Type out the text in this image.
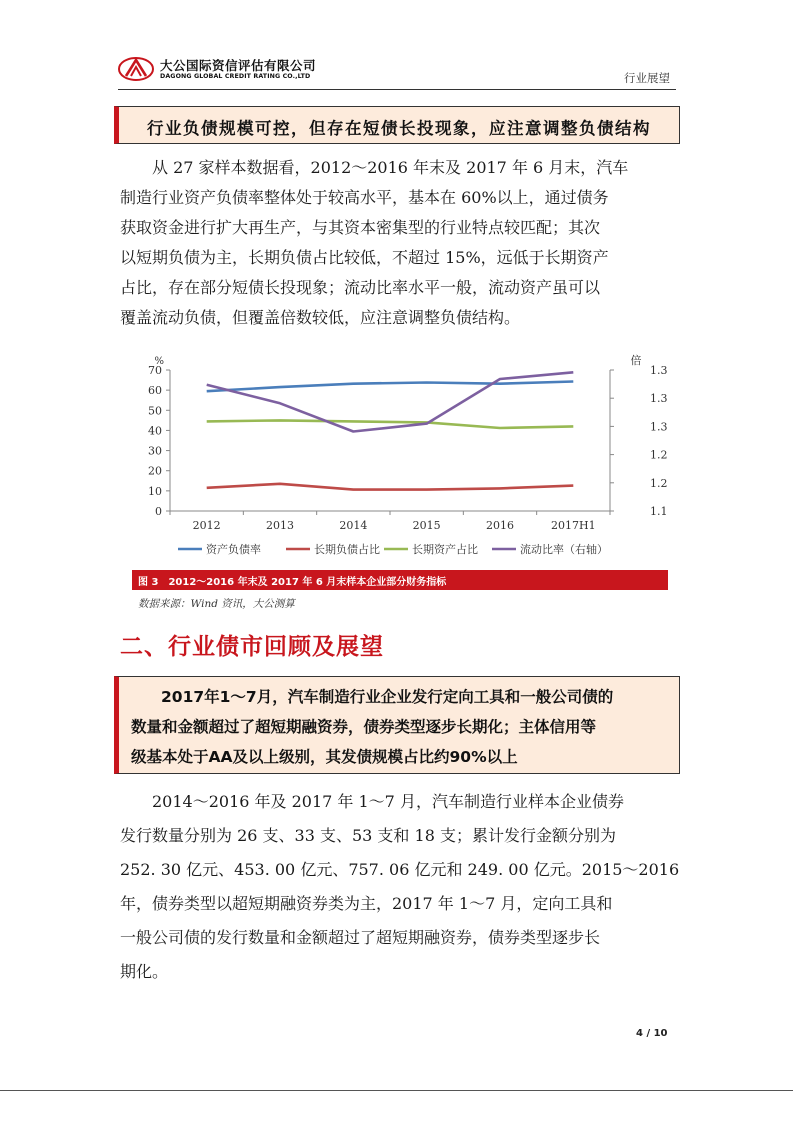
大公国际资信评估有限公司
DAGONG GLOBAL CREDIT RATING CO.,LTD	行业展望
行业负债规模可控，但存在短债长投现象，应注意调整负债结构
从 27 家样本数据看，2012～2016 年末及 2017 年 6 月末，汽车
制造行业资产负债率整体处于较高水平，基本在 60%以上，通过债务
获取资金进行扩大再生产，与其资本密集型的行业特点较匹配；其次
以短期负债为主，长期负债占比较低，不超过 15%，远低于长期资产
占比，存在部分短债长投现象；流动比率水平一般，流动资产虽可以
覆盖流动负债，但覆盖倍数较低，应注意调整负债结构。
0
10
20
30
40
50
60
70
%
1.1
1.2
1.2
1.3
1.3
1.3
倍
2012	2013	2014	2015	2016	2017H1
资产负债率	长期负债占比	长期资产占比	流动比率（右轴）
图 3　2012～2016 年末及 2017 年 6 月末样本企业部分财务指标
数据来源：Wind 资讯，大公测算
二、行业债市回顾及展望
2017年1～7月，汽车制造行业企业发行定向工具和一般公司债的
数量和金额超过了超短期融资券，债券类型逐步长期化；主体信用等
级基本处于AA及以上级别，其发债规模占比约90%以上
2014～2016 年及 2017 年 1～7 月，汽车制造行业样本企业债券
发行数量分别为 26 支、33 支、53 支和 18 支；累计发行金额分别为
252. 30 亿元、453. 00 亿元、757. 06 亿元和 249. 00 亿元。2015～2016
年，债券类型以超短期融资券类为主，2017 年 1～7 月，定向工具和
一般公司债的发行数量和金额超过了超短期融资券，债券类型逐步长
期化。
4 / 10
